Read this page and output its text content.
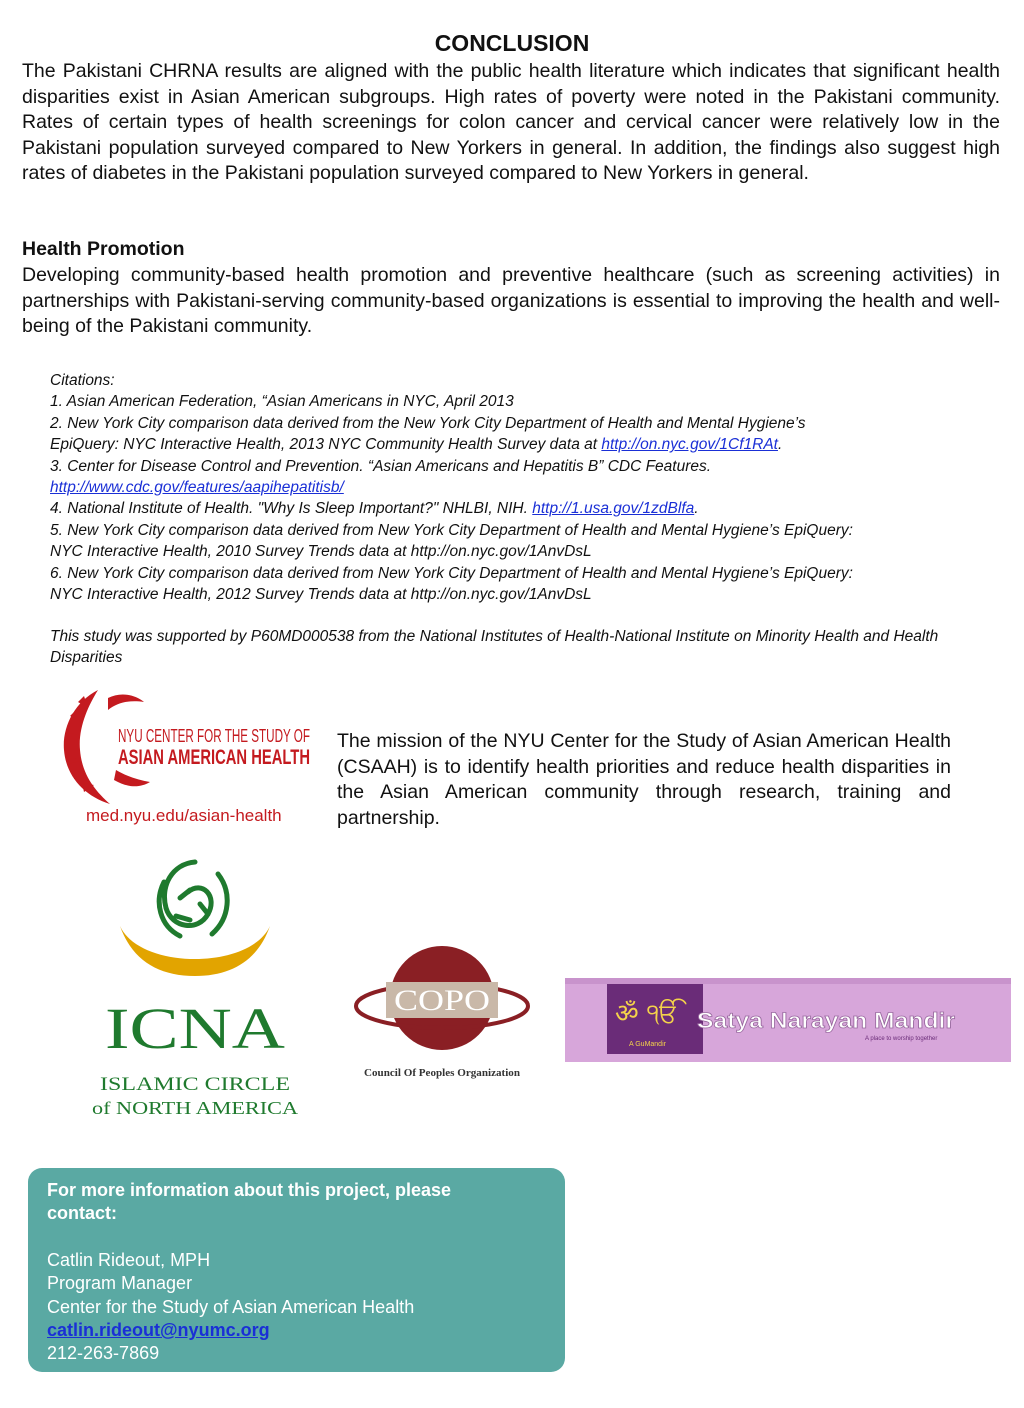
CONCLUSION

The Pakistani CHRNA results are aligned with the public health literature which indicates that significant health disparities exist in Asian American subgroups. High rates of poverty were noted in the Pakistani community. Rates of certain types of health screenings for colon cancer and cervical cancer were relatively low in the Pakistani population surveyed compared to New Yorkers in general. In addition, the findings also suggest high rates of diabetes in the Pakistani population surveyed compared to New Yorkers in general.

Health Promotion

Developing community-based health promotion and preventive healthcare (such as screening activities) in partnerships with Pakistani-serving community-based organizations is essential to improving the health and well-being of the Pakistani community.

Citations:
1. Asian American Federation, “Asian Americans in NYC, April 2013
2. New York City comparison data derived from the New York City Department of Health and Mental Hygiene’s
EpiQuery: NYC Interactive Health, 2013 NYC Community Health Survey data at http://on.nyc.gov/1Cf1RAt.
3. Center for Disease Control and Prevention. “Asian Americans and Hepatitis B” CDC Features.
http://www.cdc.gov/features/aapihepatitisb/
4. National Institute of Health. "Why Is Sleep Important?" NHLBI, NIH. http://1.usa.gov/1zdBlfa.
5. New York City comparison data derived from New York City Department of Health and Mental Hygiene’s EpiQuery:
NYC Interactive Health, 2010 Survey Trends data at http://on.nyc.gov/1AnvDsL
6. New York City comparison data derived from New York City Department of Health and Mental Hygiene’s EpiQuery:
NYC Interactive Health, 2012 Survey Trends data at http://on.nyc.gov/1AnvDsL
This study was supported by P60MD000538 from the National Institutes of Health-National Institute on Minority Health and Health Disparities
NYU CENTER FOR THE STUDY OF
ASIAN AMERICAN HEALTH
med.nyu.edu/asian-health

The mission of the NYU Center for the Study of Asian American Health (CSAAH) is to identify health priorities and reduce health disparities in the Asian American community through research, training and partnership.

ICNA
ISLAMIC CIRCLE
of NORTH AMERICA
COPO
Council Of Peoples Organization
ॐ ੴ
A GuMandir
Satya Narayan Mandir
A place to worship together
For more information about this project, please contact:
Catlin Rideout, MPH
Program Manager
Center for the Study of Asian American Health
catlin.rideout@nyumc.org
212-263-7869
